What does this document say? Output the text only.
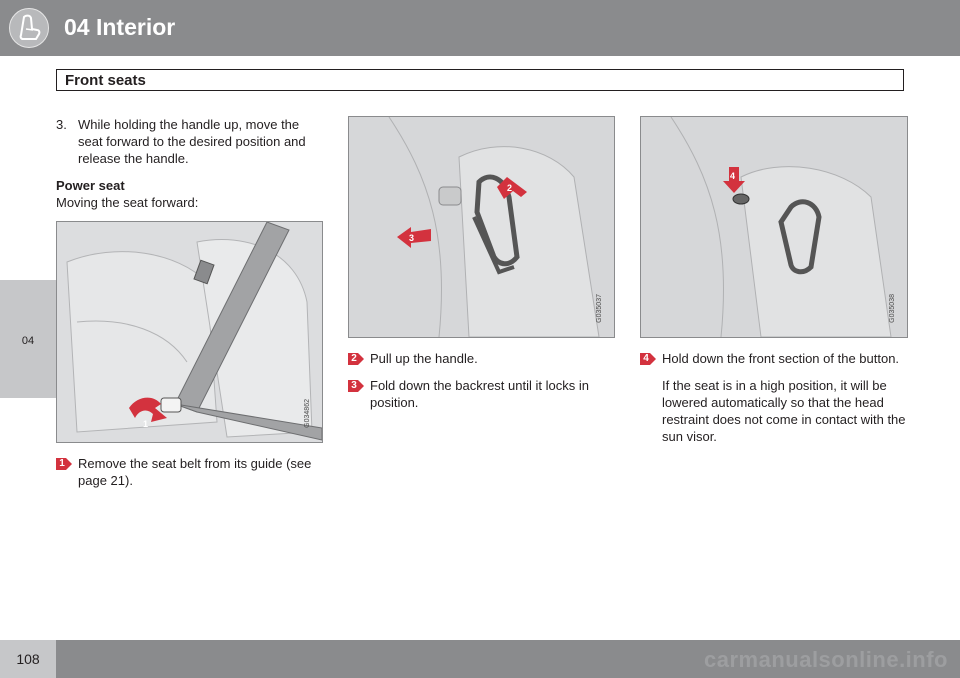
04 Interior
Front seats
04
3. While holding the handle up, move the seat forward to the desired position and release the handle.
Power seat
Moving the seat forward:
1	G034862
1 Remove the seat belt from its guide (see page 21).
2
3
G035037
2 Pull up the handle.
3 Fold down the backrest until it locks in position.
4
G035038
4 Hold down the front section of the button.
If the seat is in a high position, it will be lowered automatically so that the head restraint does not come in contact with the sun visor.
108	carmanualsonline.info
